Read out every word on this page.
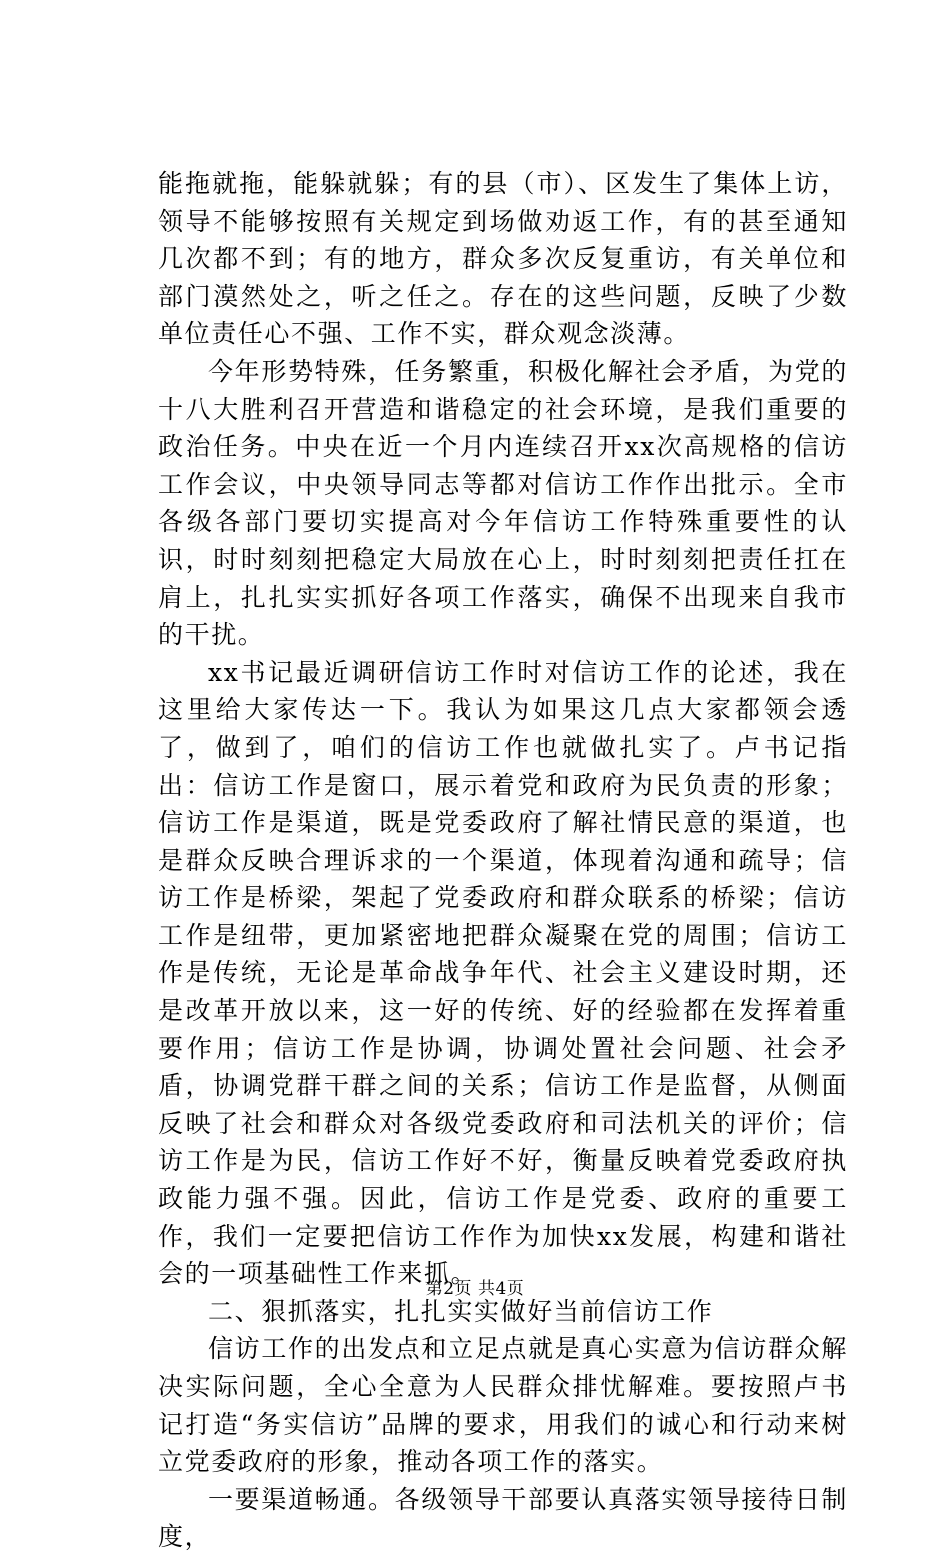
能拖就拖，能躲就躲；有的县（市）、区发生了集体上访，领导不能够按照有关规定到场做劝返工作，有的甚至通知几次都不到；有的地方，群众多次反复重访，有关单位和部门漠然处之，听之任之。存在的这些问题，反映了少数单位责任心不强、工作不实，群众观念淡薄。

今年形势特殊，任务繁重，积极化解社会矛盾，为党的十八大胜利召开营造和谐稳定的社会环境，是我们重要的政治任务。中央在近一个月内连续召开xx次高规格的信访工作会议，中央领导同志等都对信访工作作出批示。全市各级各部门要切实提高对今年信访工作特殊重要性的认识，时时刻刻把稳定大局放在心上，时时刻刻把责任扛在肩上，扎扎实实抓好各项工作落实，确保不出现来自我市的干扰。

xx书记最近调研信访工作时对信访工作的论述，我在这里给大家传达一下。我认为如果这几点大家都领会透了，做到了，咱们的信访工作也就做扎实了。卢书记指出：信访工作是窗口，展示着党和政府为民负责的形象；信访工作是渠道，既是党委政府了解社情民意的渠道，也是群众反映合理诉求的一个渠道，体现着沟通和疏导；信访工作是桥梁，架起了党委政府和群众联系的桥梁；信访工作是纽带，更加紧密地把群众凝聚在党的周围；信访工作是传统，无论是革命战争年代、社会主义建设时期，还是改革开放以来，这一好的传统、好的经验都在发挥着重要作用；信访工作是协调，协调处置社会问题、社会矛盾，协调党群干群之间的关系；信访工作是监督，从侧面反映了社会和群众对各级党委政府和司法机关的评价；信访工作是为民，信访工作好不好，衡量反映着党委政府执政能力强不强。因此，信访工作是党委、政府的重要工作，我们一定要把信访工作作为加快xx发展，构建和谐社会的一项基础性工作来抓。

二、狠抓落实，扎扎实实做好当前信访工作

信访工作的出发点和立足点就是真心实意为信访群众解决实际问题，全心全意为人民群众排忧解难。要按照卢书记打造“务实信访”品牌的要求，用我们的诚心和行动来树立党委政府的形象，推动各项工作的落实。

一要渠道畅通。各级领导干部要认真落实领导接待日制度，

第2页 共4页
